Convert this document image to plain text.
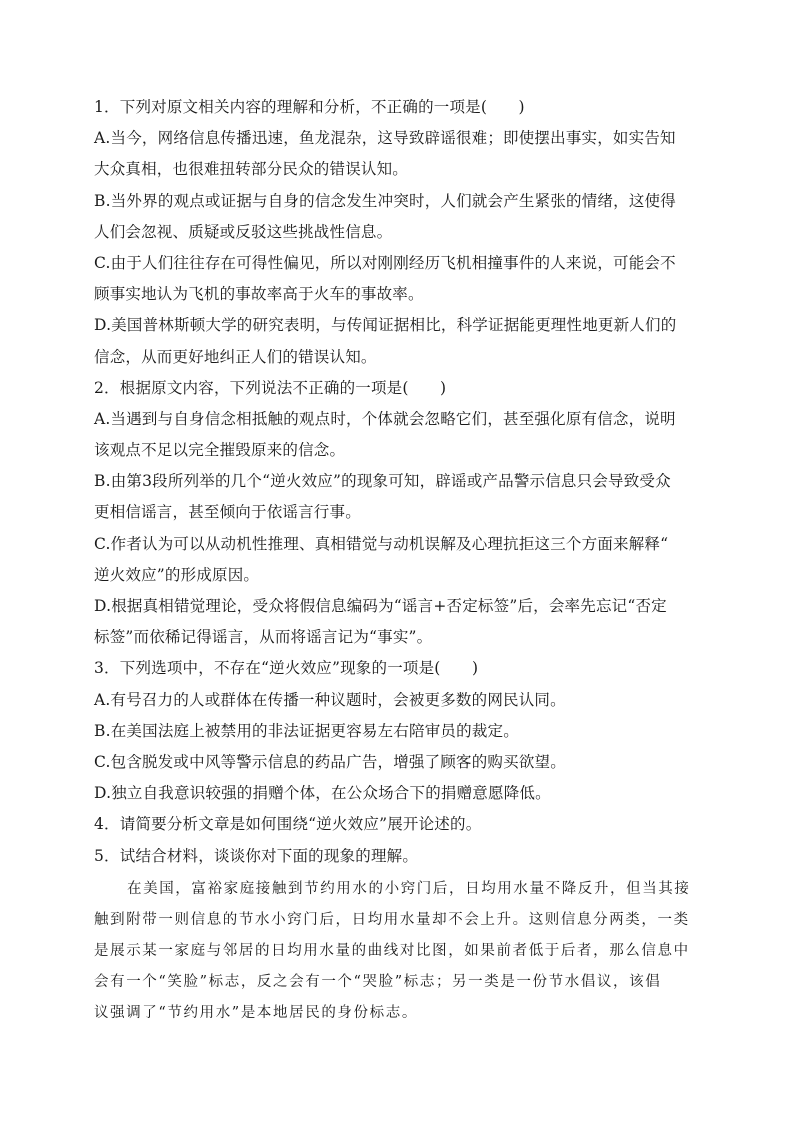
1．下列对原文相关内容的理解和分析，不正确的一项是(　　)
A.当今，网络信息传播迅速，鱼龙混杂，这导致辟谣很难；即使摆出事实，如实告知
大众真相，也很难扭转部分民众的错误认知。
B.当外界的观点或证据与自身的信念发生冲突时，人们就会产生紧张的情绪，这使得
人们会忽视、质疑或反驳这些挑战性信息。
C.由于人们往往存在可得性偏见，所以对刚刚经历飞机相撞事件的人来说，可能会不
顾事实地认为飞机的事故率高于火车的事故率。
D.美国普林斯顿大学的研究表明，与传闻证据相比，科学证据能更理性地更新人们的
信念，从而更好地纠正人们的错误认知。
2．根据原文内容，下列说法不正确的一项是(　　)
A.当遇到与自身信念相抵触的观点时，个体就会忽略它们，甚至强化原有信念，说明
该观点不足以完全摧毁原来的信念。
B.由第3段所列举的几个“逆火效应”的现象可知，辟谣或产品警示信息只会导致受众
更相信谣言，甚至倾向于依谣言行事。
C.作者认为可以从动机性推理、真相错觉与动机误解及心理抗拒这三个方面来解释“
逆火效应”的形成原因。
D.根据真相错觉理论，受众将假信息编码为“谣言+否定标签”后，会率先忘记“否定
标签”而依稀记得谣言，从而将谣言记为“事实”。
3．下列选项中，不存在“逆火效应”现象的一项是(　　)
A.有号召力的人或群体在传播一种议题时，会被更多数的网民认同。
B.在美国法庭上被禁用的非法证据更容易左右陪审员的裁定。
C.包含脱发或中风等警示信息的药品广告，增强了顾客的购买欲望。
D.独立自我意识较强的捐赠个体，在公众场合下的捐赠意愿降低。
4．请简要分析文章是如何围绕“逆火效应”展开论述的。
5．试结合材料，谈谈你对下面的现象的理解。
在美国，富裕家庭接触到节约用水的小窍门后，日均用水量不降反升，但当其接
触到附带一则信息的节水小窍门后，日均用水量却不会上升。这则信息分两类，一类
是展示某一家庭与邻居的日均用水量的曲线对比图，如果前者低于后者，那么信息中
会有一个“笑脸”标志，反之会有一个“哭脸”标志；另一类是一份节水倡议，该倡
议强调了“节约用水”是本地居民的身份标志。
